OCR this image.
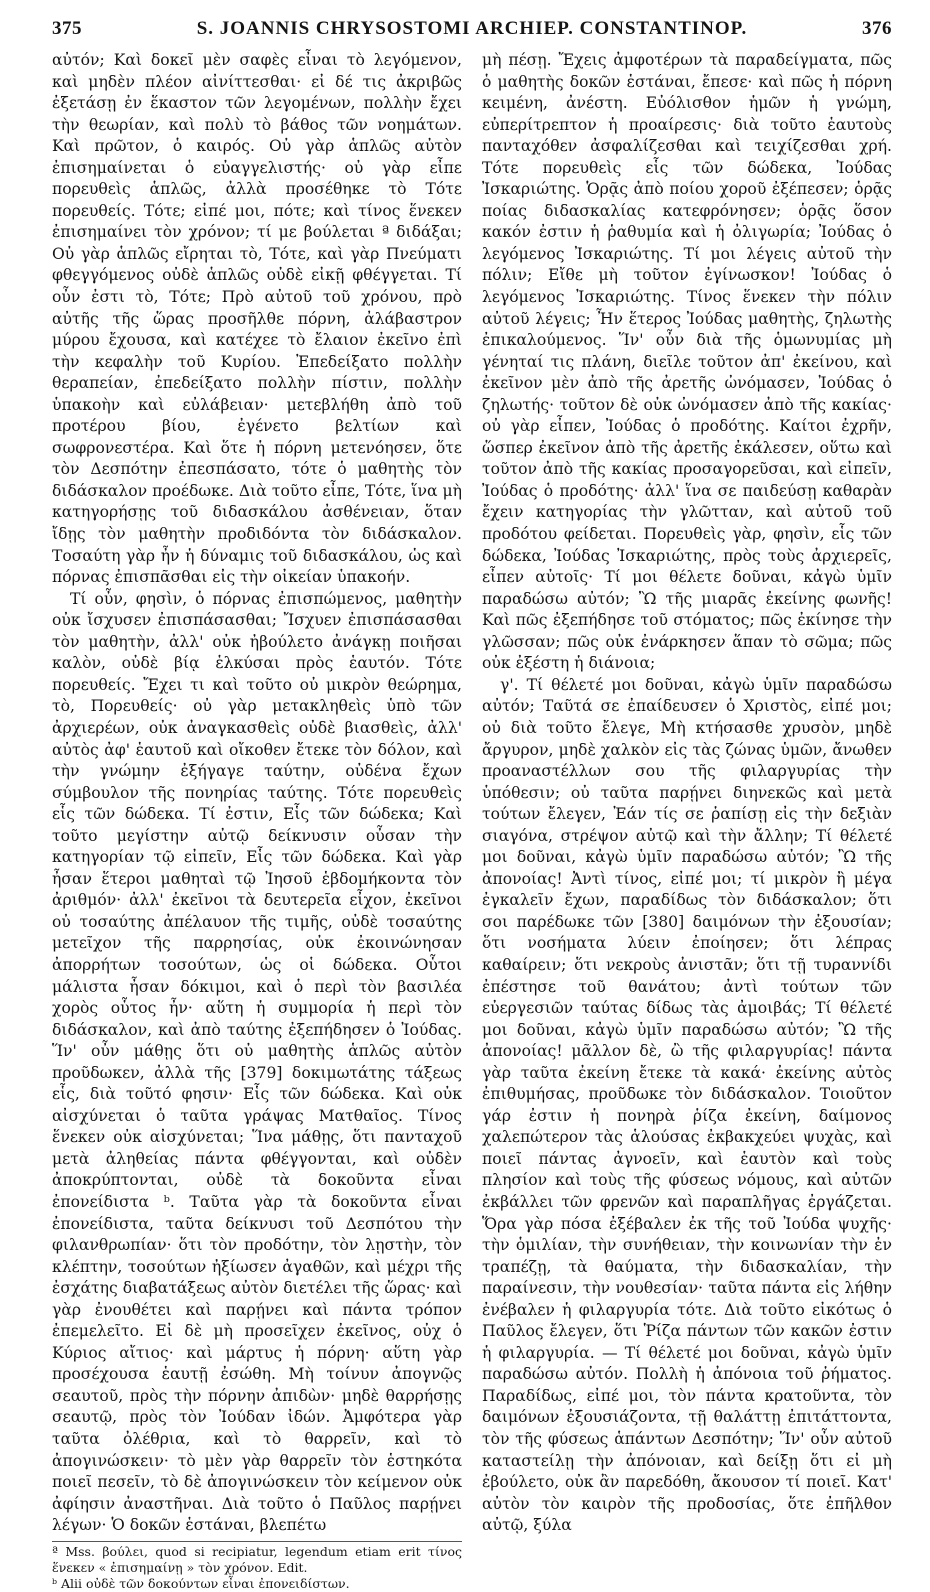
375	S. JOANNIS CHRYSOSTOMI ARCHIEP. CONSTANTINOP.	376

αὐτόν; Καὶ δοκεῖ μὲν σαφὲς εἶναι τὸ λεγόμενον, καὶ μηδὲν πλέον αἰνίττεσθαι· εἰ δέ τις ἀκριβῶς ἐξετάσῃ ἐν ἕκαστον τῶν λεγομένων, πολλὴν ἔχει τὴν θεωρίαν, καὶ πολὺ τὸ βάθος τῶν νοημάτων. Καὶ πρῶτον, ὁ καιρός. Οὐ γὰρ ἁπλῶς αὐτὸν ἐπισημαίνεται ὁ εὐαγγελιστής· οὐ γὰρ εἶπε πορευθεὶς ἁπλῶς, ἀλλὰ προσέθηκε τὸ Τότε πορευθείς. Τότε; εἰπέ μοι, πότε; καὶ τίνος ἕνεκεν ἐπισημαίνει τὸν χρόνον; τί με βούλεται ª διδάξαι; Οὐ γὰρ ἁπλῶς εἴρηται τὸ, Τότε, καὶ γὰρ Πνεύματι φθεγγόμενος οὐδὲ ἁπλῶς οὐδὲ εἰκῇ φθέγγεται. Τί οὖν ἐστι τὸ, Τότε; Πρὸ αὐτοῦ τοῦ χρόνου, πρὸ αὐτῆς τῆς ὥρας προσῆλθε πόρνη, ἀλάβαστρον μύρου ἔχουσα, καὶ κατέχεε τὸ ἔλαιον ἐκεῖνο ἐπὶ τὴν κεφαλὴν τοῦ Κυρίου. Ἐπεδείξατο πολλὴν θεραπείαν, ἐπεδείξατο πολλὴν πίστιν, πολλὴν ὑπακοὴν καὶ εὐλάβειαν· μετεβλήθη ἀπὸ τοῦ προτέρου βίου, ἐγένετο βελτίων καὶ σωφρονεστέρα. Καὶ ὅτε ἡ πόρνη μετενόησεν, ὅτε τὸν Δεσπότην ἐπεσπάσατο, τότε ὁ μαθητὴς τὸν διδάσκαλον προέδωκε. Διὰ τοῦτο εἶπε, Τότε, ἵνα μὴ κατηγορήσῃς τοῦ διδασκάλου ἀσθένειαν, ὅταν ἴδῃς τὸν μαθητὴν προδιδόντα τὸν διδάσκαλον. Τοσαύτη γὰρ ἦν ἡ δύναμις τοῦ διδασκάλου, ὡς καὶ πόρνας ἐπισπᾶσθαι εἰς τὴν οἰκείαν ὑπακοήν.

Τί οὖν, φησὶν, ὁ πόρνας ἐπισπώμενος, μαθητὴν οὐκ ἴσχυσεν ἐπισπάσασθαι; Ἴσχυεν ἐπισπάσασθαι τὸν μαθητὴν, ἀλλ' οὐκ ἠβούλετο ἀνάγκῃ ποιῆσαι καλὸν, οὐδὲ βίᾳ ἑλκύσαι πρὸς ἑαυτόν. Τότε πορευθείς. Ἔχει τι καὶ τοῦτο οὐ μικρὸν θεώρημα, τὸ, Πορευθείς· οὐ γὰρ μετακληθεὶς ὑπὸ τῶν ἀρχιερέων, οὐκ ἀναγκασθεὶς οὐδὲ βιασθεὶς, ἀλλ' αὐτὸς ἀφ' ἑαυτοῦ καὶ οἴκοθεν ἔτεκε τὸν δόλον, καὶ τὴν γνώμην ἐξήγαγε ταύτην, οὐδένα ἔχων σύμβουλον τῆς πονηρίας ταύτης. Τότε πορευθεὶς εἷς τῶν δώδεκα. Τί ἐστιν, Εἷς τῶν δώδεκα; Καὶ τοῦτο μεγίστην αὐτῷ δείκνυσιν οὖσαν τὴν κατηγορίαν τῷ εἰπεῖν, Εἷς τῶν δώδεκα. Καὶ γὰρ ἦσαν ἕτεροι μαθηταὶ τῷ Ἰησοῦ ἑβδομήκοντα τὸν ἀριθμόν· ἀλλ' ἐκεῖνοι τὰ δευτερεῖα εἶχον, ἐκεῖνοι οὐ τοσαύτης ἀπέλαυον τῆς τιμῆς, οὐδὲ τοσαύτης μετεῖχον τῆς παρρησίας, οὐκ ἐκοινώνησαν ἀπορρήτων τοσούτων, ὡς οἱ δώδεκα. Οὗτοι μάλιστα ἦσαν δόκιμοι, καὶ ὁ περὶ τὸν βασιλέα χορὸς οὗτος ἦν· αὕτη ἡ συμμορία ἡ περὶ τὸν διδάσκαλον, καὶ ἀπὸ ταύτης ἐξεπήδησεν ὁ Ἰούδας. Ἵν' οὖν μάθῃς ὅτι οὐ μαθητὴς ἁπλῶς αὐτὸν προῦδωκεν, ἀλλὰ τῆς [379] δοκιμωτάτης τάξεως εἷς, διὰ τοῦτό φησιν· Εἷς τῶν δώδεκα. Καὶ οὐκ αἰσχύνεται ὁ ταῦτα γράψας Ματθαῖος. Τίνος ἕνεκεν οὐκ αἰσχύνεται; Ἵνα μάθῃς, ὅτι πανταχοῦ μετὰ ἀληθείας πάντα φθέγγονται, καὶ οὐδὲν ἀποκρύπτονται, οὐδὲ τὰ δοκοῦντα εἶναι ἐπονείδιστα ᵇ. Ταῦτα γὰρ τὰ δοκοῦντα εἶναι ἐπονείδιστα, ταῦτα δείκνυσι τοῦ Δεσπότου τὴν φιλανθρωπίαν· ὅτι τὸν προδότην, τὸν λῃστὴν, τὸν κλέπτην, τοσούτων ἠξίωσεν ἀγαθῶν, καὶ μέχρι τῆς ἐσχάτης διαβατάξεως αὐτὸν διετέλει τῆς ὥρας· καὶ γὰρ ἐνουθέτει καὶ παρῄνει καὶ πάντα τρόπον ἐπεμελεῖτο. Εἰ δὲ μὴ προσεῖχεν ἐκεῖνος, οὐχ ὁ Κύριος αἴτιος· καὶ μάρτυς ἡ πόρνη· αὕτη γὰρ προσέχουσα ἑαυτῇ ἐσώθη. Μὴ τοίνυν ἀπογνῷς σεαυτοῦ, πρὸς τὴν πόρνην ἀπιδὼν· μηδὲ θαρρήσῃς σεαυτῷ, πρὸς τὸν Ἰούδαν ἰδών. Ἀμφότερα γὰρ ταῦτα ὀλέθρια, καὶ τὸ θαρρεῖν, καὶ τὸ ἀπογινώσκειν· τὸ μὲν γὰρ θαρρεῖν τὸν ἑστηκότα ποιεῖ πεσεῖν, τὸ δὲ ἀπογινώσκειν τὸν κείμενον οὐκ ἀφίησιν ἀναστῆναι. Διὰ τοῦτο ὁ Παῦλος παρῄνει λέγων· Ὁ δοκῶν ἑστάναι, βλεπέτω

ª Mss. βούλει, quod si recipiatur, legendum etiam erit τίνος ἕνεκεν « ἐπισημαίνῃ » τὸν χρόνον. Edit.

ᵇ Alii οὐδὲ τῶν δοκούντων εἶναι ἐπονειδίστων.

μὴ πέσῃ. Ἔχεις ἀμφοτέρων τὰ παραδείγματα, πῶς ὁ μαθητὴς δοκῶν ἑστάναι, ἔπεσε· καὶ πῶς ἡ πόρνη κειμένη, ἀνέστη. Εὐόλισθον ἡμῶν ἡ γνώμη, εὐπερίτρεπτον ἡ προαίρεσις· διὰ τοῦτο ἑαυτοὺς πανταχόθεν ἀσφαλίζεσθαι καὶ τειχίζεσθαι χρή. Τότε πορευθεὶς εἷς τῶν δώδεκα, Ἰούδας Ἰσκαριώτης. Ὁρᾷς ἀπὸ ποίου χοροῦ ἐξέπεσεν; ὁρᾷς ποίας διδασκαλίας κατεφρόνησεν; ὁρᾷς ὅσον κακόν ἐστιν ἡ ῥαθυμία καὶ ἡ ὀλιγωρία; Ἰούδας ὁ λεγόμενος Ἰσκαριώτης. Τί μοι λέγεις αὐτοῦ τὴν πόλιν; Εἴθε μὴ τοῦτον ἐγίνωσκον! Ἰούδας ὁ λεγόμενος Ἰσκαριώτης. Τίνος ἕνεκεν τὴν πόλιν αὐτοῦ λέγεις; Ἦν ἕτερος Ἰούδας μαθητὴς, ζηλωτὴς ἐπικαλούμενος. Ἵν' οὖν διὰ τῆς ὁμωνυμίας μὴ γένηταί τις πλάνη, διεῖλε τοῦτον ἀπ' ἐκείνου, καὶ ἐκεῖνον μὲν ἀπὸ τῆς ἀρετῆς ὠνόμασεν, Ἰούδας ὁ ζηλωτής· τοῦτον δὲ οὐκ ὠνόμασεν ἀπὸ τῆς κακίας· οὐ γὰρ εἶπεν, Ἰούδας ὁ προδότης. Καίτοι ἐχρῆν, ὥσπερ ἐκεῖνον ἀπὸ τῆς ἀρετῆς ἐκάλεσεν, οὕτω καὶ τοῦτον ἀπὸ τῆς κακίας προσαγορεῦσαι, καὶ εἰπεῖν, Ἰούδας ὁ προδότης· ἀλλ' ἵνα σε παιδεύσῃ καθαρὰν ἔχειν κατηγορίας τὴν γλῶτταν, καὶ αὐτοῦ τοῦ προδότου φείδεται. Πορευθεὶς γὰρ, φησὶν, εἷς τῶν δώδεκα, Ἰούδας Ἰσκαριώτης, πρὸς τοὺς ἀρχιερεῖς, εἶπεν αὐτοῖς· Τί μοι θέλετε δοῦναι, κἀγὼ ὑμῖν παραδώσω αὐτόν; Ὢ τῆς μιαρᾶς ἐκείνης φωνῆς! Καὶ πῶς ἐξεπήδησε τοῦ στόματος; πῶς ἐκίνησε τὴν γλῶσσαν; πῶς οὐκ ἐνάρκησεν ἅπαν τὸ σῶμα; πῶς οὐκ ἐξέστη ἡ διάνοια;

γ'. Τί θέλετέ μοι δοῦναι, κἀγὼ ὑμῖν παραδώσω αὐτόν; Ταῦτά σε ἐπαίδευσεν ὁ Χριστὸς, εἰπέ μοι; οὐ διὰ τοῦτο ἔλεγε, Μὴ κτήσασθε χρυσὸν, μηδὲ ἄργυρον, μηδὲ χαλκὸν εἰς τὰς ζώνας ὑμῶν, ἄνωθεν προαναστέλλων σου τῆς φιλαργυρίας τὴν ὑπόθεσιν; οὐ ταῦτα παρῄνει διηνεκῶς καὶ μετὰ τούτων ἔλεγεν, Ἐάν τίς σε ῥαπίσῃ εἰς τὴν δεξιὰν σιαγόνα, στρέψον αὐτῷ καὶ τὴν ἄλλην; Τί θέλετέ μοι δοῦναι, κἀγὼ ὑμῖν παραδώσω αὐτόν; Ὢ τῆς ἀπονοίας! Ἀντὶ τίνος, εἰπέ μοι; τί μικρὸν ἢ μέγα ἐγκαλεῖν ἔχων, παραδίδως τὸν διδάσκαλον; ὅτι σοι παρέδωκε τῶν [380] δαιμόνων τὴν ἐξουσίαν; ὅτι νοσήματα λύειν ἐποίησεν; ὅτι λέπρας καθαίρειν; ὅτι νεκροὺς ἀνιστᾶν; ὅτι τῇ τυραννίδι ἐπέστησε τοῦ θανάτου; ἀντὶ τούτων τῶν εὐεργεσιῶν ταύτας δίδως τὰς ἀμοιβάς; Τί θέλετέ μοι δοῦναι, κἀγὼ ὑμῖν παραδώσω αὐτόν; Ὢ τῆς ἀπονοίας! μᾶλλον δὲ, ὢ τῆς φιλαργυρίας! πάντα γὰρ ταῦτα ἐκείνη ἔτεκε τὰ κακά· ἐκείνης αὐτὸς ἐπιθυμήσας, προῦδωκε τὸν διδάσκαλον. Τοιοῦτον γάρ ἐστιν ἡ πονηρὰ ῥίζα ἐκείνη, δαίμονος χαλεπώτερον τὰς ἁλούσας ἐκβακχεύει ψυχὰς, καὶ ποιεῖ πάντας ἀγνοεῖν, καὶ ἑαυτὸν καὶ τοὺς πλησίον καὶ τοὺς τῆς φύσεως νόμους, καὶ αὐτῶν ἐκβάλλει τῶν φρενῶν καὶ παραπλῆγας ἐργάζεται. Ὅρα γὰρ πόσα ἐξέβαλεν ἐκ τῆς τοῦ Ἰούδα ψυχῆς· τὴν ὁμιλίαν, τὴν συνήθειαν, τὴν κοινωνίαν τὴν ἐν τραπέζῃ, τὰ θαύματα, τὴν διδασκαλίαν, τὴν παραίνεσιν, τὴν νουθεσίαν· ταῦτα πάντα εἰς λήθην ἐνέβαλεν ἡ φιλαργυρία τότε. Διὰ τοῦτο εἰκότως ὁ Παῦλος ἔλεγεν, ὅτι Ῥίζα πάντων τῶν κακῶν ἐστιν ἡ φιλαργυρία. — Τί θέλετέ μοι δοῦναι, κἀγὼ ὑμῖν παραδώσω αὐτόν. Πολλὴ ἡ ἀπόνοια τοῦ ῥήματος. Παραδίδως, εἰπέ μοι, τὸν πάντα κρατοῦντα, τὸν δαιμόνων ἐξουσιάζοντα, τῇ θαλάττῃ ἐπιτάττοντα, τὸν τῆς φύσεως ἁπάντων Δεσπότην; Ἵν' οὖν αὐτοῦ καταστείλῃ τὴν ἀπόνοιαν, καὶ δείξῃ ὅτι εἰ μὴ ἐβούλετο, οὐκ ἂν παρεδόθη, ἄκουσον τί ποιεῖ. Κατ' αὐτὸν τὸν καιρὸν τῆς προδοσίας, ὅτε ἐπῆλθον αὐτῷ, ξύλα
